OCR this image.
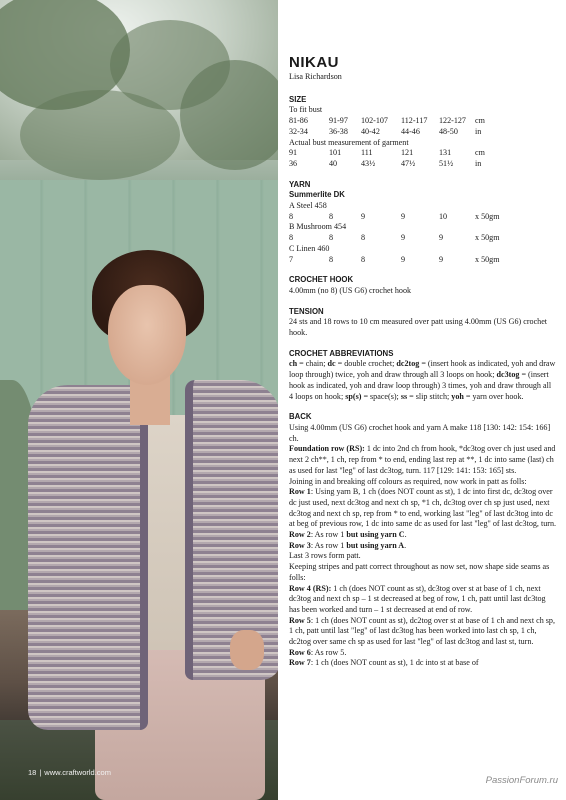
18 | www.craftworld.com
NIKAU
Lisa Richardson
SIZE
To fit bust
81-86	91-97	102-107	112-117	122-127	cm
32-34	36-38	40-42	44-46	48-50	in
Actual bust measurement of garment
91	101	111	121	131	cm
36	40	43½	47½	51½	in
YARN
Summerlite DK
A Steel 458
8	8	9	9	10	x 50gm
B Mushroom 454
8	8	8	9	9	x 50gm
C Linen 460
7	8	8	9	9	x 50gm
CROCHET HOOK

4.00mm (no 8) (US G6) crochet hook

TENSION

24 sts and 18 rows to 10 cm measured over patt using 4.00mm (US G6) crochet hook.

CROCHET ABBREVIATIONS

ch = chain; dc = double crochet; dc2tog = (insert hook as indicated, yoh and draw loop through) twice, yoh and draw through all 3 loops on hook; dc3tog = (insert hook as indicated, yoh and draw loop through) 3 times, yoh and draw through all 4 loops on hook; sp(s) = space(s); ss = slip stitch; yoh = yarn over hook.

BACK

Using 4.00mm (US G6) crochet hook and yarn A make 118 [130: 142: 154: 166] ch.

Foundation row (RS): 1 dc into 2nd ch from hook, *dc3tog over ch just used and next 2 ch**, 1 ch, rep from * to end, ending last rep at **, 1 dc into same (last) ch as used for last "leg" of last dc3tog, turn. 117 [129: 141: 153: 165] sts.

Joining in and breaking off colours as required, now work in patt as folls:

Row 1: Using yarn B, 1 ch (does NOT count as st), 1 dc into first dc, dc3tog over dc just used, next dc3tog and next ch sp, *1 ch, dc3tog over ch sp just used, next dc3tog and next ch sp, rep from * to end, working last "leg" of last dc3tog into dc at beg of previous row, 1 dc into same dc as used for last "leg" of last dc3tog, turn.

Row 2: As row 1 but using yarn C.

Row 3: As row 1 but using yarn A.

Last 3 rows form patt.

Keeping stripes and patt correct throughout as now set, now shape side seams as folls:

Row 4 (RS): 1 ch (does NOT count as st), dc3tog over st at base of 1 ch, next dc3tog and next ch sp – 1 st decreased at beg of row, 1 ch, patt until last dc3tog has been worked and turn – 1 st decreased at end of row.

Row 5: 1 ch (does NOT count as st), dc2tog over st at base of 1 ch and next ch sp, 1 ch, patt until last "leg" of last dc3tog has been worked into last ch sp, 1 ch, dc2tog over same ch sp as used for last "leg" of last dc3tog and last st, turn.

Row 6: As row 5.

Row 7: 1 ch (does NOT count as st), 1 dc into st at base of

PassionForum.ru
